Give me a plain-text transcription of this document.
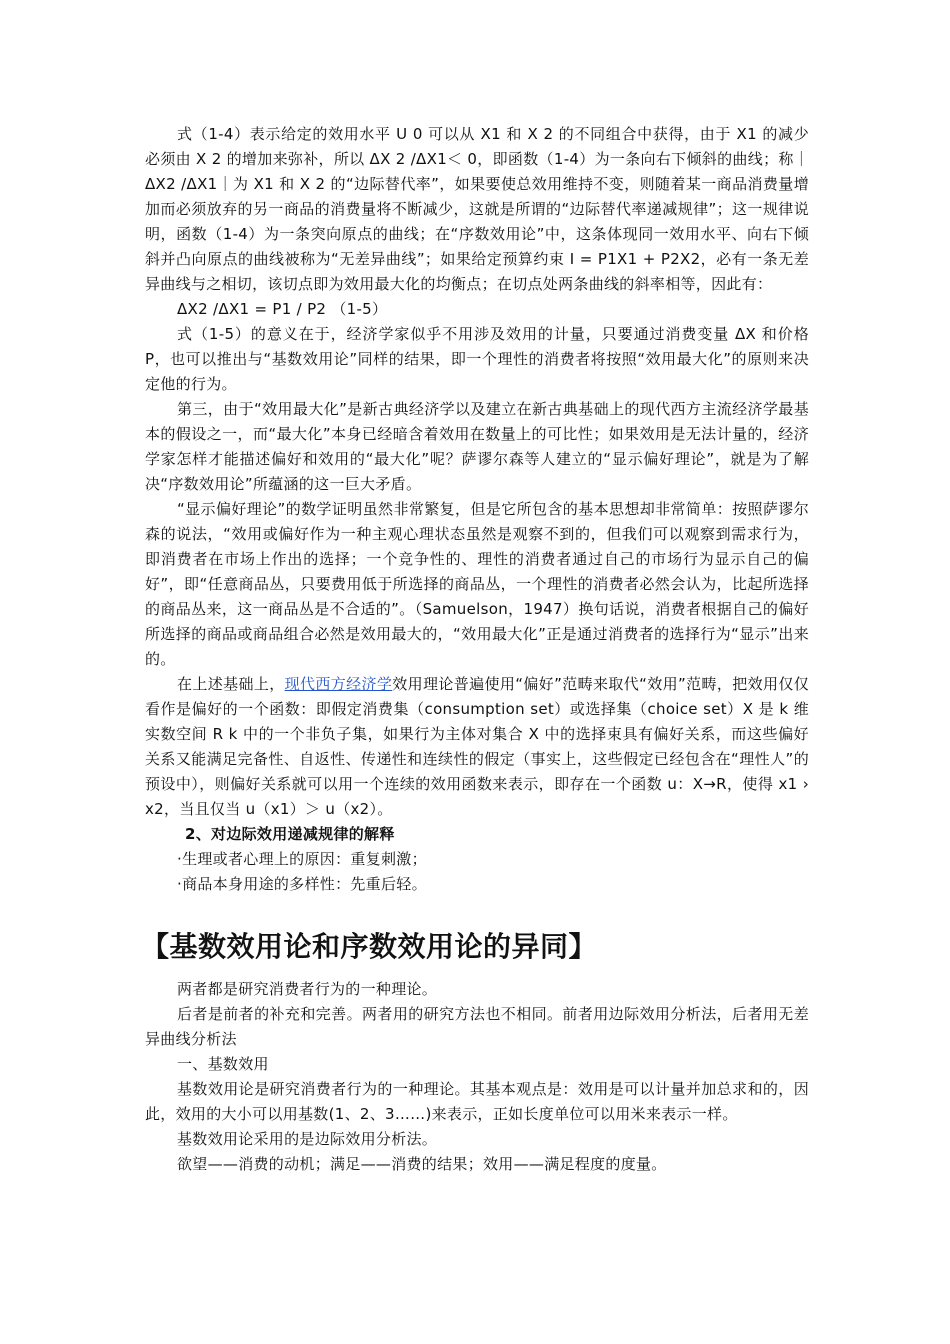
式（1-4）表示给定的效用水平 U 0 可以从 X1 和 X 2 的不同组合中获得，由于 X1 的减少必须由 X 2 的增加来弥补，所以 ΔX 2 /ΔX1＜ 0，即函数（1-4）为一条向右下倾斜的曲线；称｜ΔX2 /ΔX1｜为 X1 和 X 2 的“边际替代率”，如果要使总效用维持不变，则随着某一商品消费量增加而必须放弃的另一商品的消费量将不断减少，这就是所谓的“边际替代率递减规律”；这一规律说明，函数（1-4）为一条突向原点的曲线；在“序数效用论”中，这条体现同一效用水平、向右下倾斜并凸向原点的曲线被称为“无差异曲线”；如果给定预算约束 I = P1X1 + P2X2，必有一条无差异曲线与之相切，该切点即为效用最大化的均衡点；在切点处两条曲线的斜率相等，因此有：

ΔX2 /ΔX1 = P1 / P2 （1-5）

式（1-5）的意义在于，经济学家似乎不用涉及效用的计量，只要通过消费变量 ΔX 和价格 P，也可以推出与“基数效用论”同样的结果，即一个理性的消费者将按照“效用最大化”的原则来决定他的行为。

第三，由于“效用最大化”是新古典经济学以及建立在新古典基础上的现代西方主流经济学最基本的假设之一，而“最大化”本身已经暗含着效用在数量上的可比性；如果效用是无法计量的，经济学家怎样才能描述偏好和效用的“最大化”呢？萨谬尔森等人建立的“显示偏好理论”，就是为了解决“序数效用论”所蕴涵的这一巨大矛盾。

“显示偏好理论”的数学证明虽然非常繁复，但是它所包含的基本思想却非常简单：按照萨谬尔森的说法，“效用或偏好作为一种主观心理状态虽然是观察不到的，但我们可以观察到需求行为，即消费者在市场上作出的选择；一个竞争性的、理性的消费者通过自己的市场行为显示自己的偏好”，即“任意商品丛，只要费用低于所选择的商品丛，一个理性的消费者必然会认为，比起所选择的商品丛来，这一商品丛是不合适的”。（Samuelson，1947）换句话说，消费者根据自己的偏好所选择的商品或商品组合必然是效用最大的，“效用最大化”正是通过消费者的选择行为“显示”出来的。

在上述基础上，现代西方经济学效用理论普遍使用“偏好”范畴来取代“效用”范畴，把效用仅仅看作是偏好的一个函数：即假定消费集（consumption set）或选择集（choice set）X 是 k 维实数空间 R k 中的一个非负子集，如果行为主体对集合 X 中的选择束具有偏好关系，而这些偏好关系又能满足完备性、自返性、传递性和连续性的假定（事实上，这些假定已经包含在“理性人”的预设中），则偏好关系就可以用一个连续的效用函数来表示，即存在一个函数 u：X→R，使得 x1 › x2，当且仅当 u（x1）＞ u（x2）。

2、对边际效用递减规律的解释

·生理或者心理上的原因：重复刺激；

·商品本身用途的多样性：先重后轻。

【基数效用论和序数效用论的异同】

两者都是研究消费者行为的一种理论。

后者是前者的补充和完善。两者用的研究方法也不相同。前者用边际效用分析法，后者用无差异曲线分析法

一、基数效用

基数效用论是研究消费者行为的一种理论。其基本观点是：效用是可以计量并加总求和的，因此，效用的大小可以用基数(1、2、3……)来表示，正如长度单位可以用米来表示一样。

基数效用论采用的是边际效用分析法。

欲望——消费的动机；满足——消费的结果；效用——满足程度的度量。
